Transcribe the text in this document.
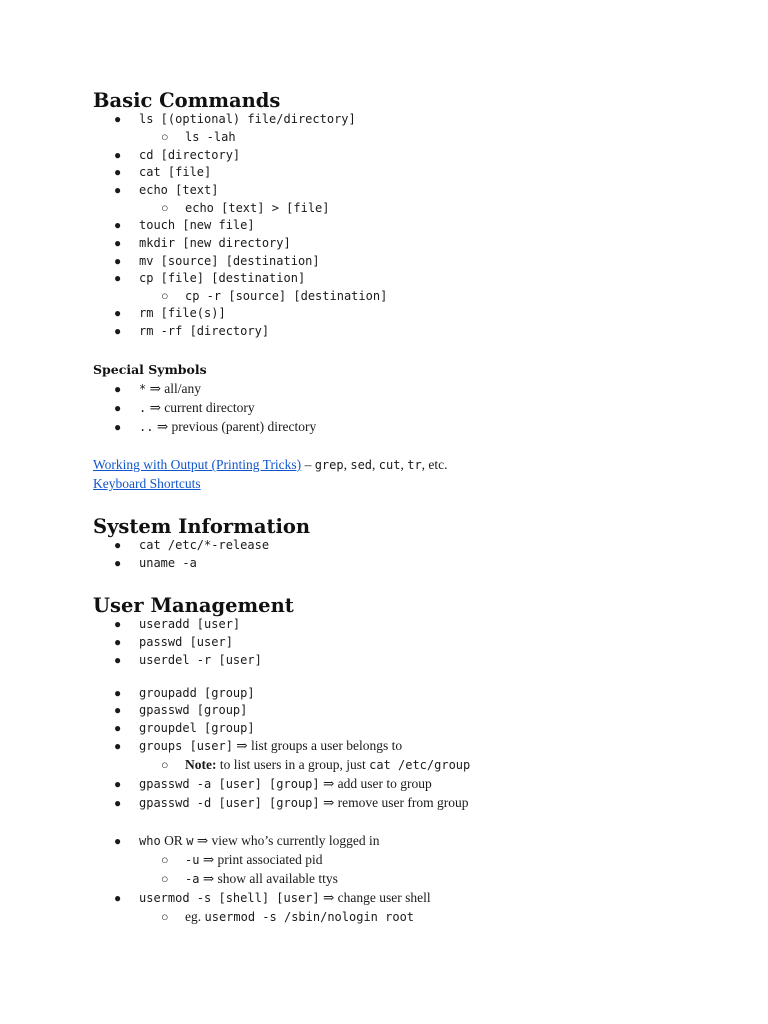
Basic Commands
● ls [(optional) file/directory]
○ ls -lah
● cd [directory]
● cat [file]
● echo [text]
○ echo [text] > [file]
● touch [new file]
● mkdir [new directory]
● mv [source] [destination]
● cp [file] [destination]
○ cp -r [source] [destination]
● rm [file(s)]
● rm -rf [directory]
Special Symbols
● * ⇒ all/any
● . ⇒ current directory
● .. ⇒ previous (parent) directory
Working with Output (Printing Tricks) – grep, sed, cut, tr, etc.
Keyboard Shortcuts
System Information
● cat /etc/*-release
● uname -a
User Management
● useradd [user]
● passwd [user]
● userdel -r [user]
● groupadd [group]
● gpasswd [group]
● groupdel [group]
● groups [user] ⇒ list groups a user belongs to
○ Note: to list users in a group, just cat /etc/group
● gpasswd -a [user] [group] ⇒ add user to group
● gpasswd -d [user] [group] ⇒ remove user from group
● who OR w ⇒ view who’s currently logged in
○ -u ⇒ print associated pid
○ -a ⇒ show all available ttys
● usermod -s [shell] [user] ⇒ change user shell
○ eg. usermod -s /sbin/nologin root
